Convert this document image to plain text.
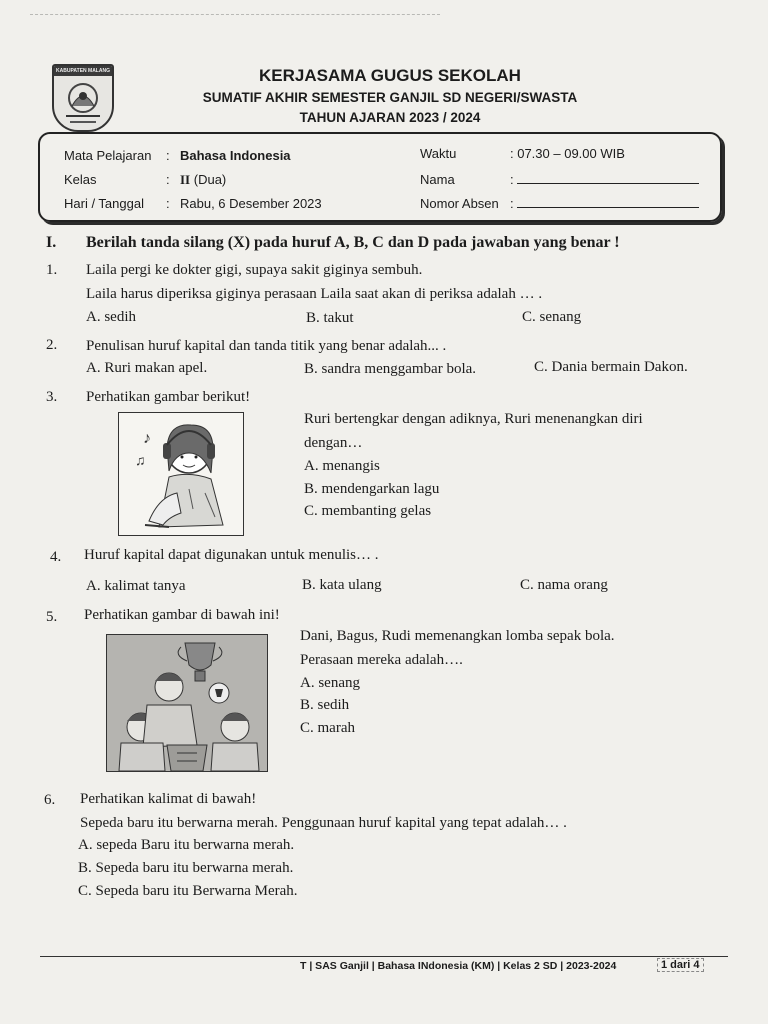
KABUPATEN MALANG	KERJASAMA GUGUS SEKOLAH
SUMATIF AKHIR SEMESTER GANJIL SD NEGERI/SWASTA
TAHUN AJARAN 2023 / 2024
Mata Pelajaran : Bahasa Indonesia
Kelas	: II (Dua)
Hari / Tanggal : Rabu, 6 Desember 2023
Waktu	: 07.30 – 09.00 WIB
Nama	:
Nomor Absen :
I. Berilah tanda silang (X) pada huruf A, B, C dan D pada jawaban yang benar !
1. Laila pergi ke dokter gigi, supaya sakit giginya sembuh.
Laila harus diperiksa giginya perasaan Laila saat akan di periksa adalah … .
A. sedih	B. takut	C. senang
2. Penulisan huruf kapital dan tanda titik yang benar adalah... .
A. Ruri makan apel.	B. sandra menggambar bola.	C. Dania bermain Dakon.
3. Perhatikan gambar berikut!
♪
♫
Ruri bertengkar dengan adiknya, Ruri menenangkan diri
dengan…
A. menangis
B. mendengarkan lagu
C. membanting gelas
4. Huruf kapital dapat digunakan untuk menulis… .
A. kalimat tanya	B. kata ulang	C. nama orang
5. Perhatikan gambar di bawah ini!
Dani, Bagus, Rudi memenangkan lomba sepak bola.
Perasaan mereka adalah….
A. senang
B. sedih
C. marah
6. Perhatikan kalimat di bawah!
Sepeda baru itu berwarna merah. Penggunaan huruf kapital yang tepat adalah… .
A. sepeda Baru itu berwarna merah.
B. Sepeda baru itu berwarna merah.
C. Sepeda baru itu Berwarna Merah.
T | SAS Ganjil | Bahasa INdonesia (KM) | Kelas 2 SD | 2023-2024	1 dari 4
